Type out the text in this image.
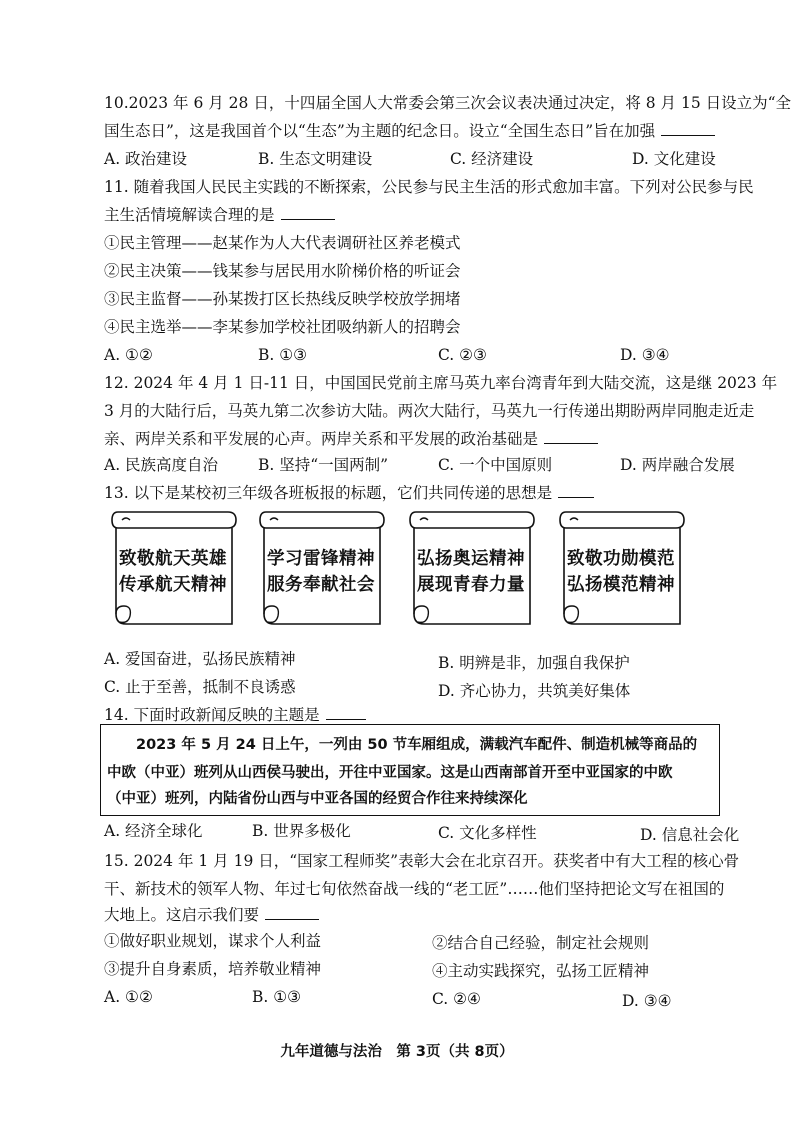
10.2023 年 6 月 28 日，十四届全国人大常委会第三次会议表决通过决定，将 8 月 15 日设立为“全
国生态日”，这是我国首个以“生态”为主题的纪念日。设立“全国生态日”旨在加强
A. 政治建设	B. 生态文明建设	C. 经济建设	D. 文化建设
11. 随着我国人民民主实践的不断探索，公民参与民主生活的形式愈加丰富。下列对公民参与民
主生活情境解读合理的是
①民主管理——赵某作为人大代表调研社区养老模式
②民主决策——钱某参与居民用水阶梯价格的听证会
③民主监督——孙某拨打区长热线反映学校放学拥堵
④民主选举——李某参加学校社团吸纳新人的招聘会
A. ①②	B. ①③	C. ②③	D. ③④
12. 2024 年 4 月 1 日-11 日，中国国民党前主席马英九率台湾青年到大陆交流，这是继 2023 年
3 月的大陆行后，马英九第二次参访大陆。两次大陆行，马英九一行传递出期盼两岸同胞走近走
亲、两岸关系和平发展的心声。两岸关系和平发展的政治基础是
A. 民族高度自治	B. 坚持“一国两制”	C. 一个中国原则	D. 两岸融合发展
13. 以下是某校初三年级各班板报的标题，它们共同传递的思想是
致敬航天英雄
传承航天精神
学习雷锋精神
服务奉献社会
弘扬奥运精神
展现青春力量
致敬功勋模范
弘扬模范精神
A. 爱国奋进，弘扬民族精神	B. 明辨是非，加强自我保护
C. 止于至善，抵制不良诱惑	D. 齐心协力，共筑美好集体
14. 下面时政新闻反映的主题是
　　2023 年 5 月 24 日上午，一列由 50 节车厢组成，满载汽车配件、制造机械等商品的
中欧（中亚）班列从山西侯马驶出，开往中亚国家。这是山西南部首开至中亚国家的中欧
（中亚）班列，内陆省份山西与中亚各国的经贸合作往来持续深化
A. 经济全球化	B. 世界多极化	C. 文化多样性	D. 信息社会化
15. 2024 年 1 月 19 日，“国家工程师奖”表彰大会在北京召开。获奖者中有大工程的核心骨
干、新技术的领军人物、年过七旬依然奋战一线的“老工匠”……他们坚持把论文写在祖国的
大地上。这启示我们要
①做好职业规划，谋求个人利益	②结合自己经验，制定社会规则
③提升自身素质，培养敬业精神	④主动实践探究，弘扬工匠精神
A. ①②	B. ①③	C. ②④	D. ③④
九年道德与法治　第 3页（共 8页）
